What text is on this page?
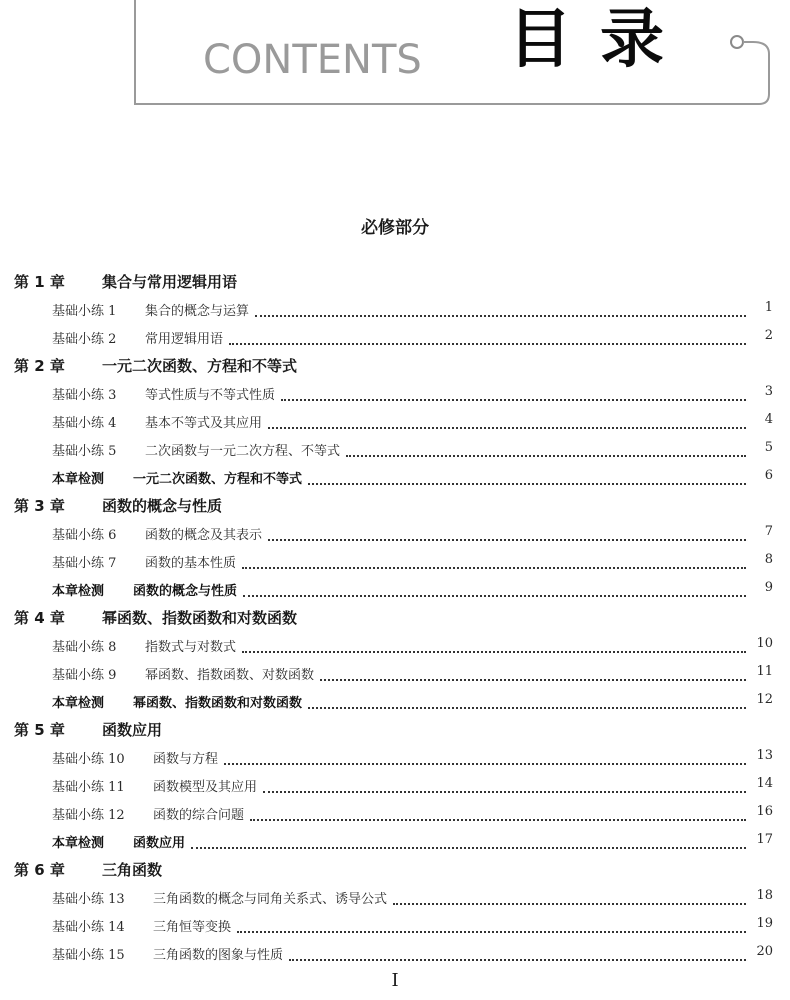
CONTENTS 目录
必修部分
第 1 章 集合与常用逻辑用语
基础小练 1 集合的概念与运算	1
基础小练 2 常用逻辑用语	2
第 2 章 一元二次函数、方程和不等式
基础小练 3 等式性质与不等式性质	3
基础小练 4 基本不等式及其应用	4
基础小练 5 二次函数与一元二次方程、不等式	5
本章检测 一元二次函数、方程和不等式	6
第 3 章 函数的概念与性质
基础小练 6 函数的概念及其表示	7
基础小练 7 函数的基本性质	8
本章检测 函数的概念与性质	9
第 4 章 幂函数、指数函数和对数函数
基础小练 8 指数式与对数式	10
基础小练 9 幂函数、指数函数、对数函数	11
本章检测 幂函数、指数函数和对数函数	12
第 5 章 函数应用
基础小练 10 函数与方程	13
基础小练 11 函数模型及其应用	14
基础小练 12 函数的综合问题	16
本章检测 函数应用	17
第 6 章 三角函数
基础小练 13 三角函数的概念与同角关系式、诱导公式	18
基础小练 14 三角恒等变换	19
基础小练 15 三角函数的图象与性质	20
Ⅰ
